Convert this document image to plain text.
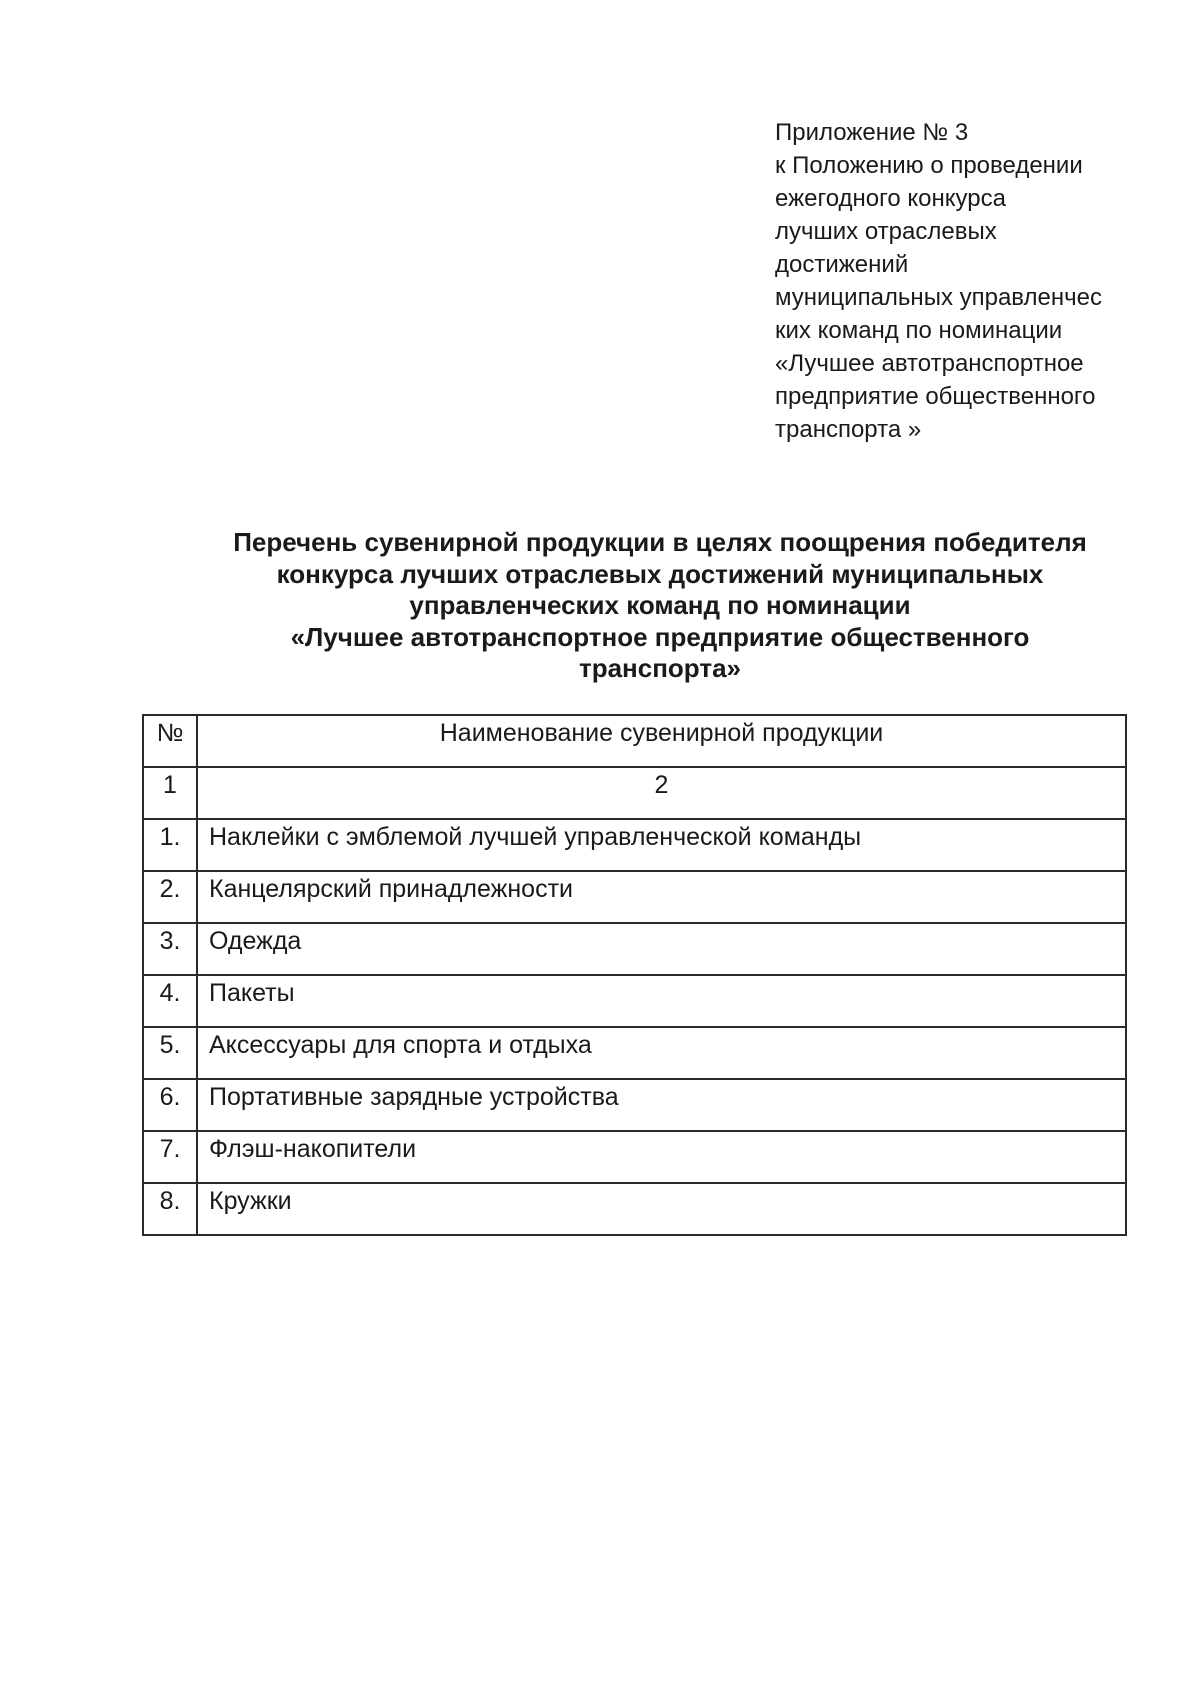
Приложение № 3
к Положению о проведении
ежегодного конкурса
лучших отраслевых
достижений
муниципальных управленчес
ких команд по номинации
«Лучшее автотранспортное
предприятие общественного
транспорта »
Перечень сувенирной продукции в целях поощрения победителя
конкурса лучших отраслевых достижений муниципальных
управленческих команд по номинации
«Лучшее автотранспортное предприятие общественного
транспорта»
№	Наименование сувенирной продукции
1	2
1.	Наклейки с эмблемой лучшей управленческой команды
2.	Канцелярский принадлежности
3.	Одежда
4.	Пакеты
5.	Аксессуары для спорта и отдыха
6.	Портативные зарядные устройства
7.	Флэш-накопители
8.	Кружки
